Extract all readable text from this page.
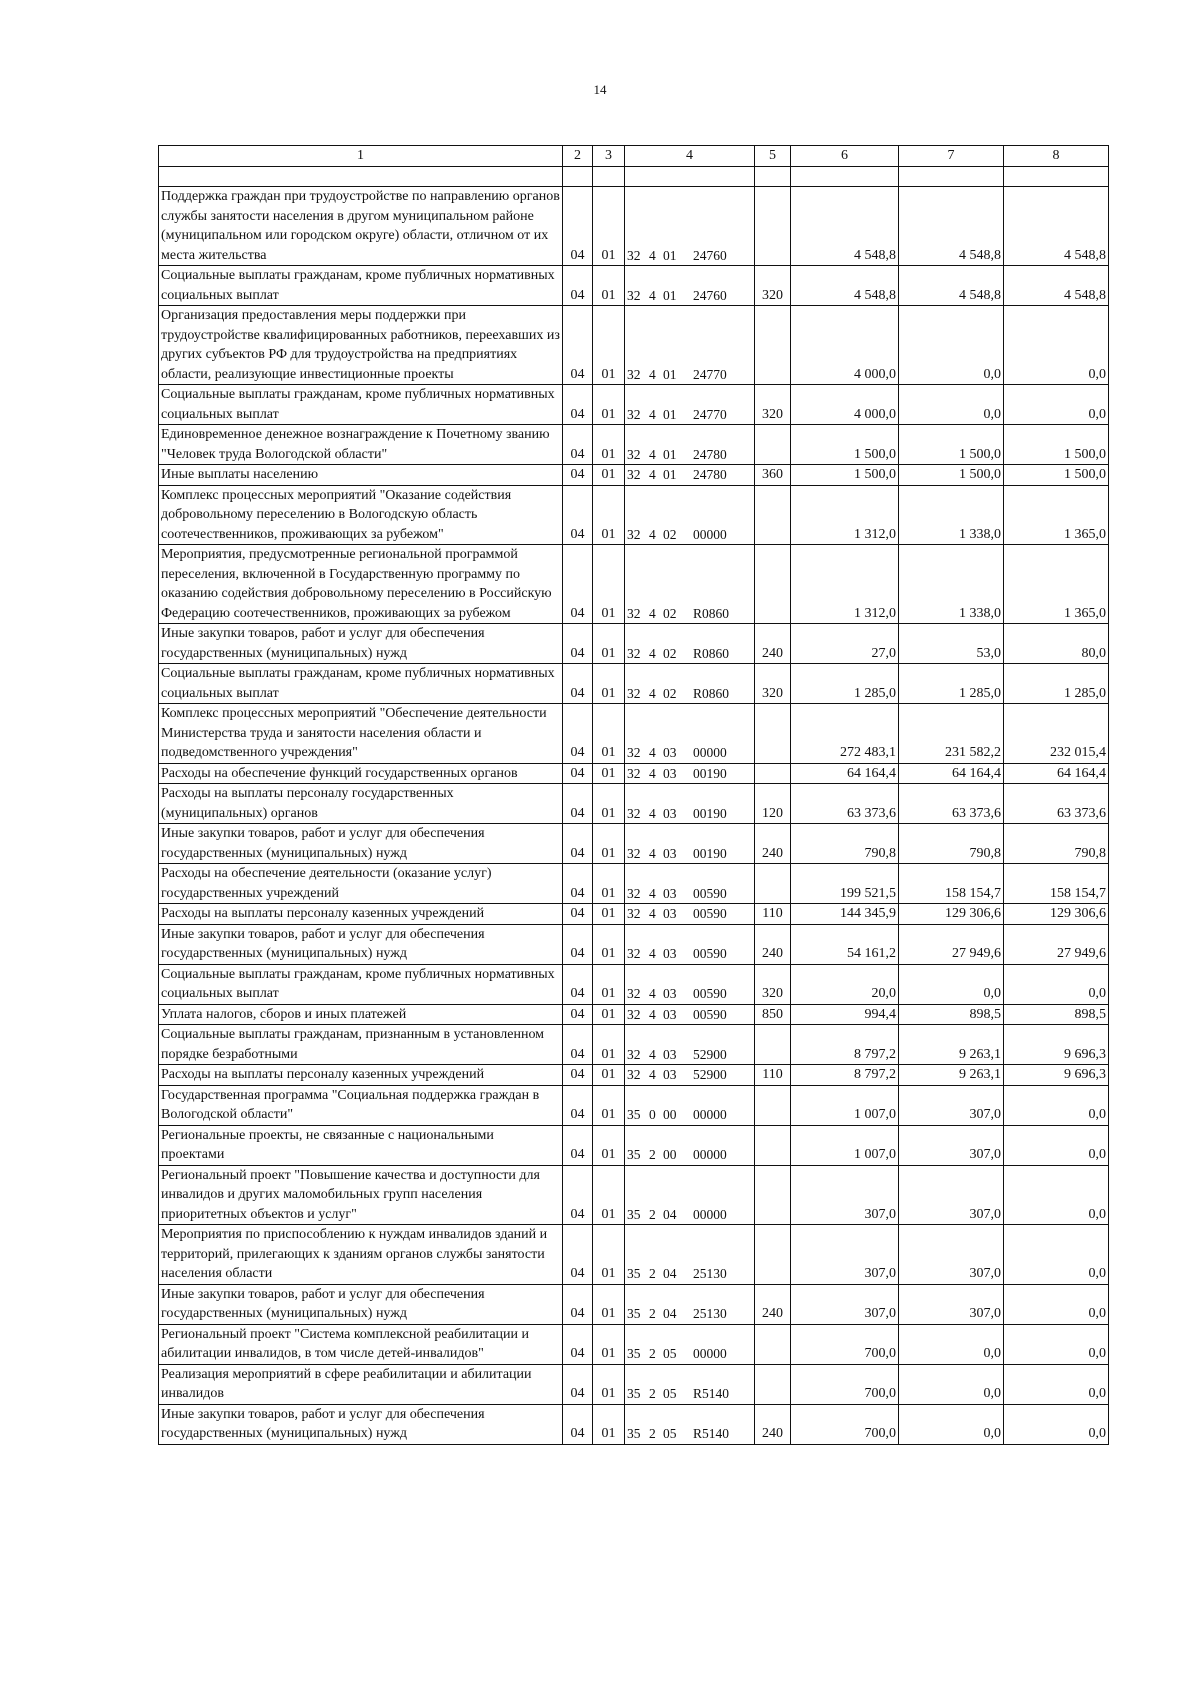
14
1	2	3	4	5	6	7	8

Поддержка граждан при трудоустройстве по направлению органов службы занятости населения в другом муниципальном районе (муниципальном или городском округе) области, отличном от их места жительства	04	01	32 4 01 24760		4 548,8	4 548,8	4 548,8
Социальные выплаты гражданам, кроме публичных нормативных социальных выплат	04	01	32 4 01 24760	320	4 548,8	4 548,8	4 548,8
Организация предоставления меры поддержки при трудоустройстве квалифицированных работников, переехавших из других субъектов РФ для трудоустройства на предприятиях области, реализующие инвестиционные проекты	04	01	32 4 01 24770		4 000,0	0,0	0,0
Социальные выплаты гражданам, кроме публичных нормативных социальных выплат	04	01	32 4 01 24770	320	4 000,0	0,0	0,0
Единовременное денежное вознаграждение к Почетному званию "Человек труда Вологодской области"	04	01	32 4 01 24780		1 500,0	1 500,0	1 500,0
Иные выплаты населению	04	01	32 4 01 24780	360	1 500,0	1 500,0	1 500,0
Комплекс процессных мероприятий "Оказание содействия добровольному переселению в Вологодскую область соотечественников, проживающих за рубежом"	04	01	32 4 02 00000		1 312,0	1 338,0	1 365,0
Мероприятия, предусмотренные региональной программой переселения, включенной в Государственную программу по оказанию содействия добровольному переселению в Российскую Федерацию соотечественников, проживающих за рубежом	04	01	32 4 02 R0860		1 312,0	1 338,0	1 365,0
Иные закупки товаров, работ и услуг для обеспечения государственных (муниципальных) нужд	04	01	32 4 02 R0860	240	27,0	53,0	80,0
Социальные выплаты гражданам, кроме публичных нормативных социальных выплат	04	01	32 4 02 R0860	320	1 285,0	1 285,0	1 285,0
Комплекс процессных мероприятий "Обеспечение деятельности Министерства труда и занятости населения области и подведомственного учреждения"	04	01	32 4 03 00000		272 483,1	231 582,2	232 015,4
Расходы на обеспечение функций государственных органов	04	01	32 4 03 00190		64 164,4	64 164,4	64 164,4
Расходы на выплаты персоналу государственных (муниципальных) органов	04	01	32 4 03 00190	120	63 373,6	63 373,6	63 373,6
Иные закупки товаров, работ и услуг для обеспечения государственных (муниципальных) нужд	04	01	32 4 03 00190	240	790,8	790,8	790,8
Расходы на обеспечение деятельности (оказание услуг) государственных учреждений	04	01	32 4 03 00590		199 521,5	158 154,7	158 154,7
Расходы на выплаты персоналу казенных учреждений	04	01	32 4 03 00590	110	144 345,9	129 306,6	129 306,6
Иные закупки товаров, работ и услуг для обеспечения государственных (муниципальных) нужд	04	01	32 4 03 00590	240	54 161,2	27 949,6	27 949,6
Социальные выплаты гражданам, кроме публичных нормативных социальных выплат	04	01	32 4 03 00590	320	20,0	0,0	0,0
Уплата налогов, сборов и иных платежей	04	01	32 4 03 00590	850	994,4	898,5	898,5
Социальные выплаты гражданам, признанным в установленном порядке безработными	04	01	32 4 03 52900		8 797,2	9 263,1	9 696,3
Расходы на выплаты персоналу казенных учреждений	04	01	32 4 03 52900	110	8 797,2	9 263,1	9 696,3
Государственная программа "Социальная поддержка граждан в Вологодской области"	04	01	35 0 00 00000		1 007,0	307,0	0,0
Региональные проекты, не связанные с национальными проектами	04	01	35 2 00 00000		1 007,0	307,0	0,0
Региональный проект "Повышение качества и доступности для инвалидов и других маломобильных групп населения приоритетных объектов и услуг"	04	01	35 2 04 00000		307,0	307,0	0,0
Мероприятия по приспособлению к нуждам инвалидов зданий и территорий, прилегающих к зданиям органов службы занятости населения области	04	01	35 2 04 25130		307,0	307,0	0,0
Иные закупки товаров, работ и услуг для обеспечения государственных (муниципальных) нужд	04	01	35 2 04 25130	240	307,0	307,0	0,0
Региональный проект "Система комплексной реабилитации и абилитации инвалидов, в том числе детей-инвалидов"	04	01	35 2 05 00000		700,0	0,0	0,0
Реализация мероприятий в сфере реабилитации и абилитации инвалидов	04	01	35 2 05 R5140		700,0	0,0	0,0
Иные закупки товаров, работ и услуг для обеспечения государственных (муниципальных) нужд	04	01	35 2 05 R5140	240	700,0	0,0	0,0
